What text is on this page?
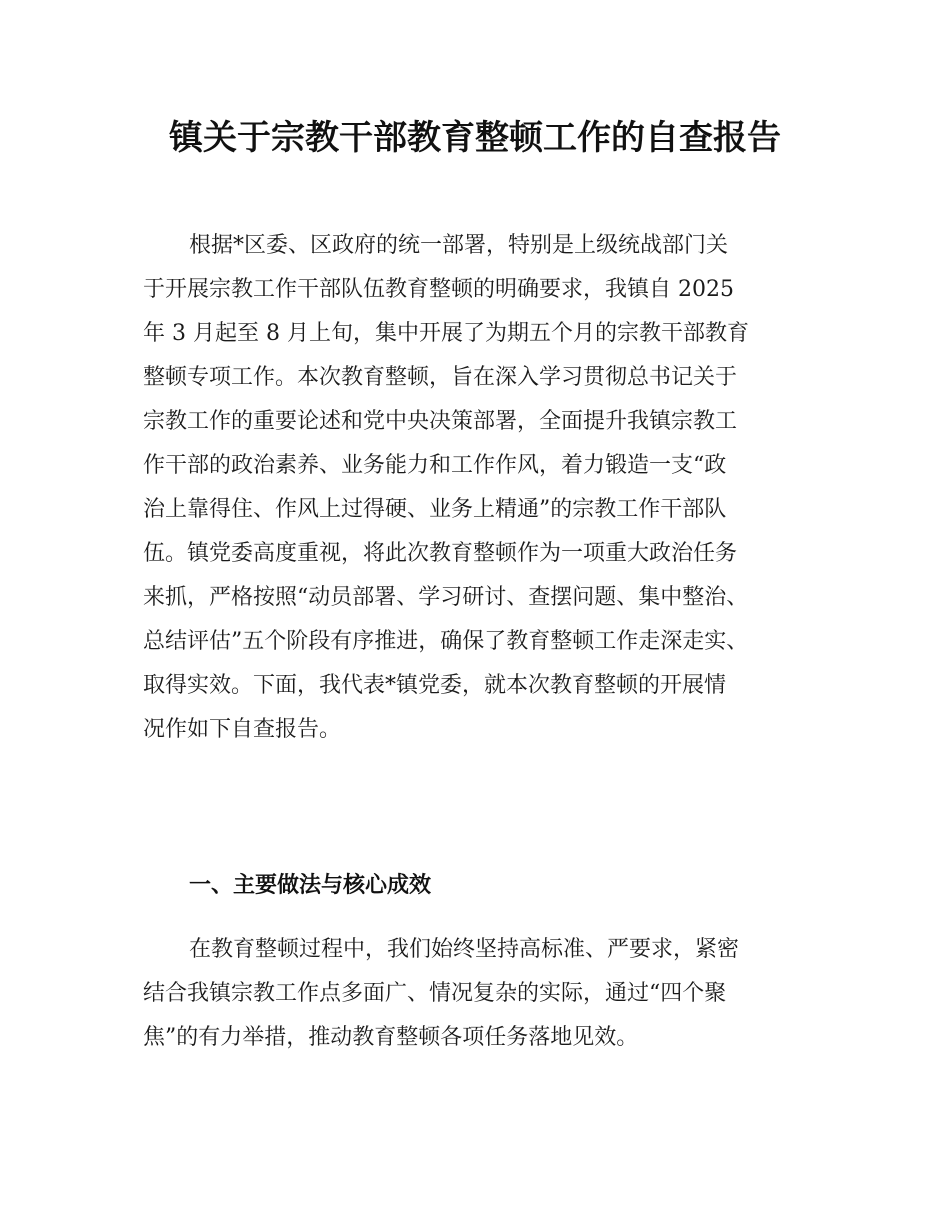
镇关于宗教干部教育整顿工作的自查报告
根据*区委、区政府的统一部署，特别是上级统战部门关
于开展宗教工作干部队伍教育整顿的明确要求，我镇自 2025
年 3 月起至 8 月上旬，集中开展了为期五个月的宗教干部教育
整顿专项工作。本次教育整顿，旨在深入学习贯彻总书记关于
宗教工作的重要论述和党中央决策部署，全面提升我镇宗教工
作干部的政治素养、业务能力和工作作风，着力锻造一支“政
治上靠得住、作风上过得硬、业务上精通”的宗教工作干部队
伍。镇党委高度重视，将此次教育整顿作为一项重大政治任务
来抓，严格按照“动员部署、学习研讨、查摆问题、集中整治、
总结评估”五个阶段有序推进，确保了教育整顿工作走深走实、
取得实效。下面，我代表*镇党委，就本次教育整顿的开展情
况作如下自查报告。
一、主要做法与核心成效
在教育整顿过程中，我们始终坚持高标准、严要求，紧密
结合我镇宗教工作点多面广、情况复杂的实际，通过“四个聚
焦”的有力举措，推动教育整顿各项任务落地见效。
